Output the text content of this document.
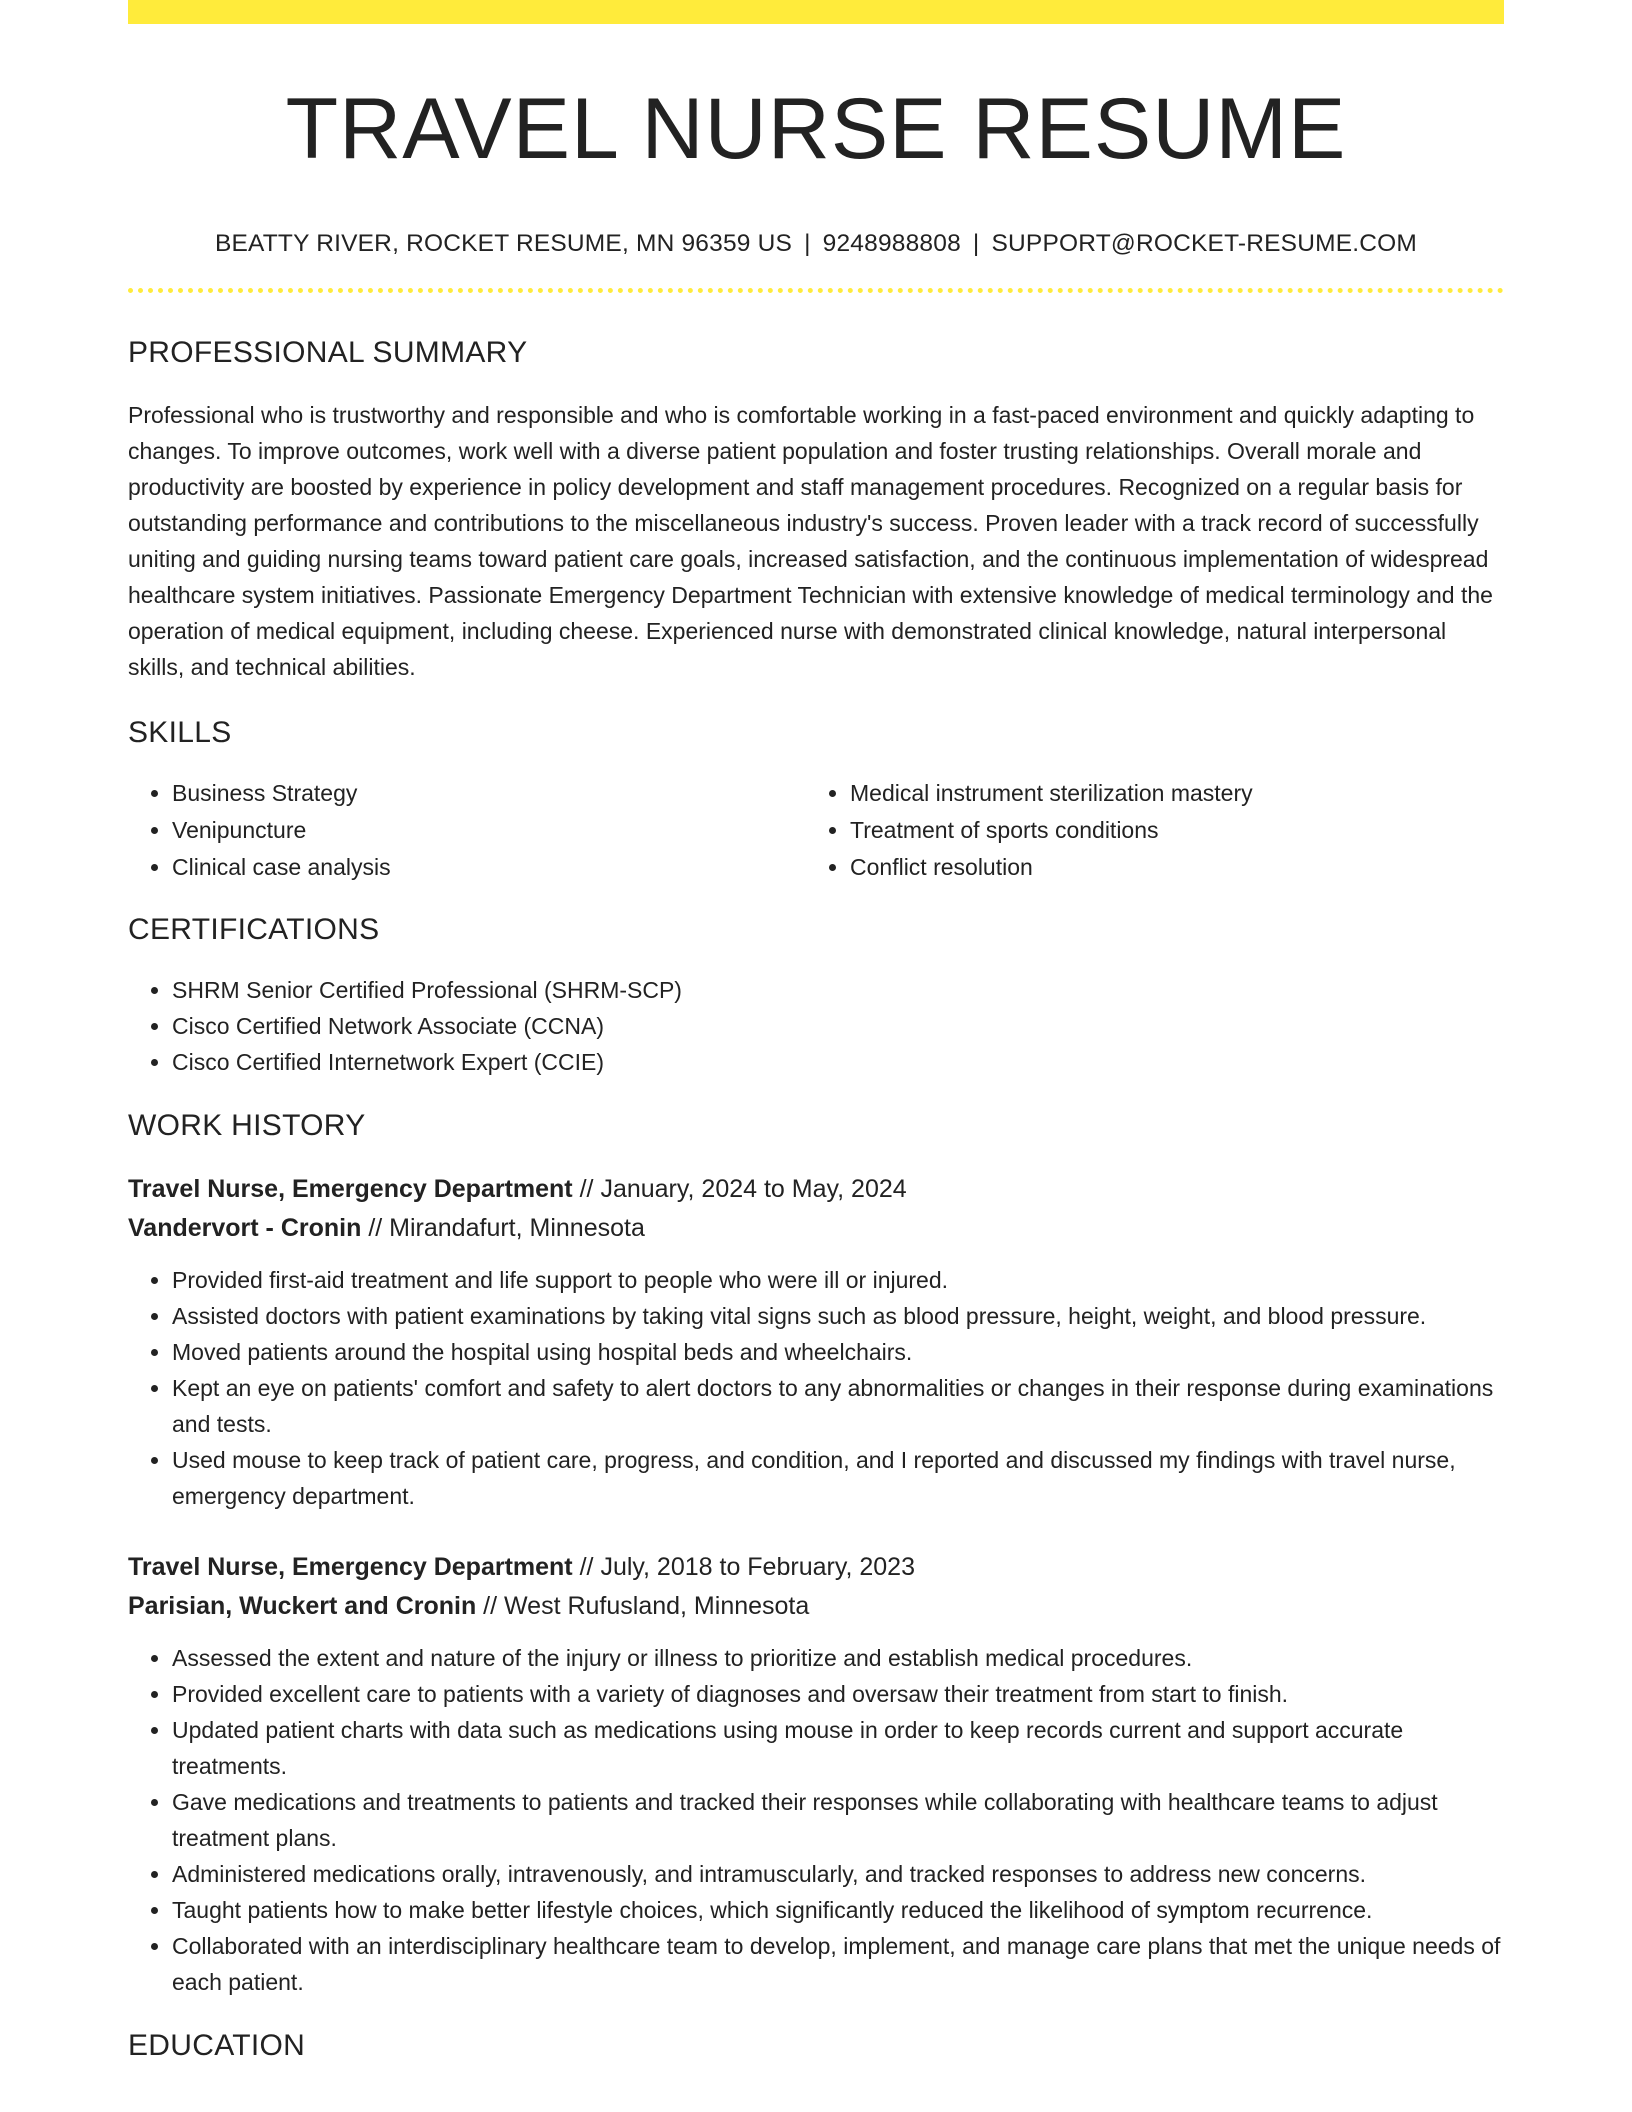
TRAVEL NURSE RESUME
BEATTY RIVER, ROCKET RESUME, MN 96359 US | 9248988808 | SUPPORT@ROCKET-RESUME.COM
PROFESSIONAL SUMMARY

Professional who is trustworthy and responsible and who is comfortable working in a fast-paced environment and quickly adapting to changes. To improve outcomes, work well with a diverse patient population and foster trusting relationships. Overall morale and productivity are boosted by experience in policy development and staff management procedures. Recognized on a regular basis for outstanding performance and contributions to the miscellaneous industry's success. Proven leader with a track record of successfully uniting and guiding nursing teams toward patient care goals, increased satisfaction, and the continuous implementation of widespread healthcare system initiatives. Passionate Emergency Department Technician with extensive knowledge of medical terminology and the operation of medical equipment, including cheese. Experienced nurse with demonstrated clinical knowledge, natural interpersonal skills, and technical abilities.

SKILLS
• Business Strategy
• Venipuncture
• Clinical case analysis
• Medical instrument sterilization mastery
• Treatment of sports conditions
• Conflict resolution
CERTIFICATIONS
• SHRM Senior Certified Professional (SHRM-SCP)
• Cisco Certified Network Associate (CCNA)
• Cisco Certified Internetwork Expert (CCIE)
WORK HISTORY
Travel Nurse, Emergency Department // January, 2024 to May, 2024
Vandervort - Cronin // Mirandafurt, Minnesota
• Provided first-aid treatment and life support to people who were ill or injured.
• Assisted doctors with patient examinations by taking vital signs such as blood pressure, height, weight, and blood pressure.
• Moved patients around the hospital using hospital beds and wheelchairs.
• Kept an eye on patients' comfort and safety to alert doctors to any abnormalities or changes in their response during examinations and tests.
• Used mouse to keep track of patient care, progress, and condition, and I reported and discussed my findings with travel nurse, emergency department.
Travel Nurse, Emergency Department // July, 2018 to February, 2023
Parisian, Wuckert and Cronin // West Rufusland, Minnesota
• Assessed the extent and nature of the injury or illness to prioritize and establish medical procedures.
• Provided excellent care to patients with a variety of diagnoses and oversaw their treatment from start to finish.
• Updated patient charts with data such as medications using mouse in order to keep records current and support accurate treatments.
• Gave medications and treatments to patients and tracked their responses while collaborating with healthcare teams to adjust treatment plans.
• Administered medications orally, intravenously, and intramuscularly, and tracked responses to address new concerns.
• Taught patients how to make better lifestyle choices, which significantly reduced the likelihood of symptom recurrence.
• Collaborated with an interdisciplinary healthcare team to develop, implement, and manage care plans that met the unique needs of each patient.
EDUCATION
